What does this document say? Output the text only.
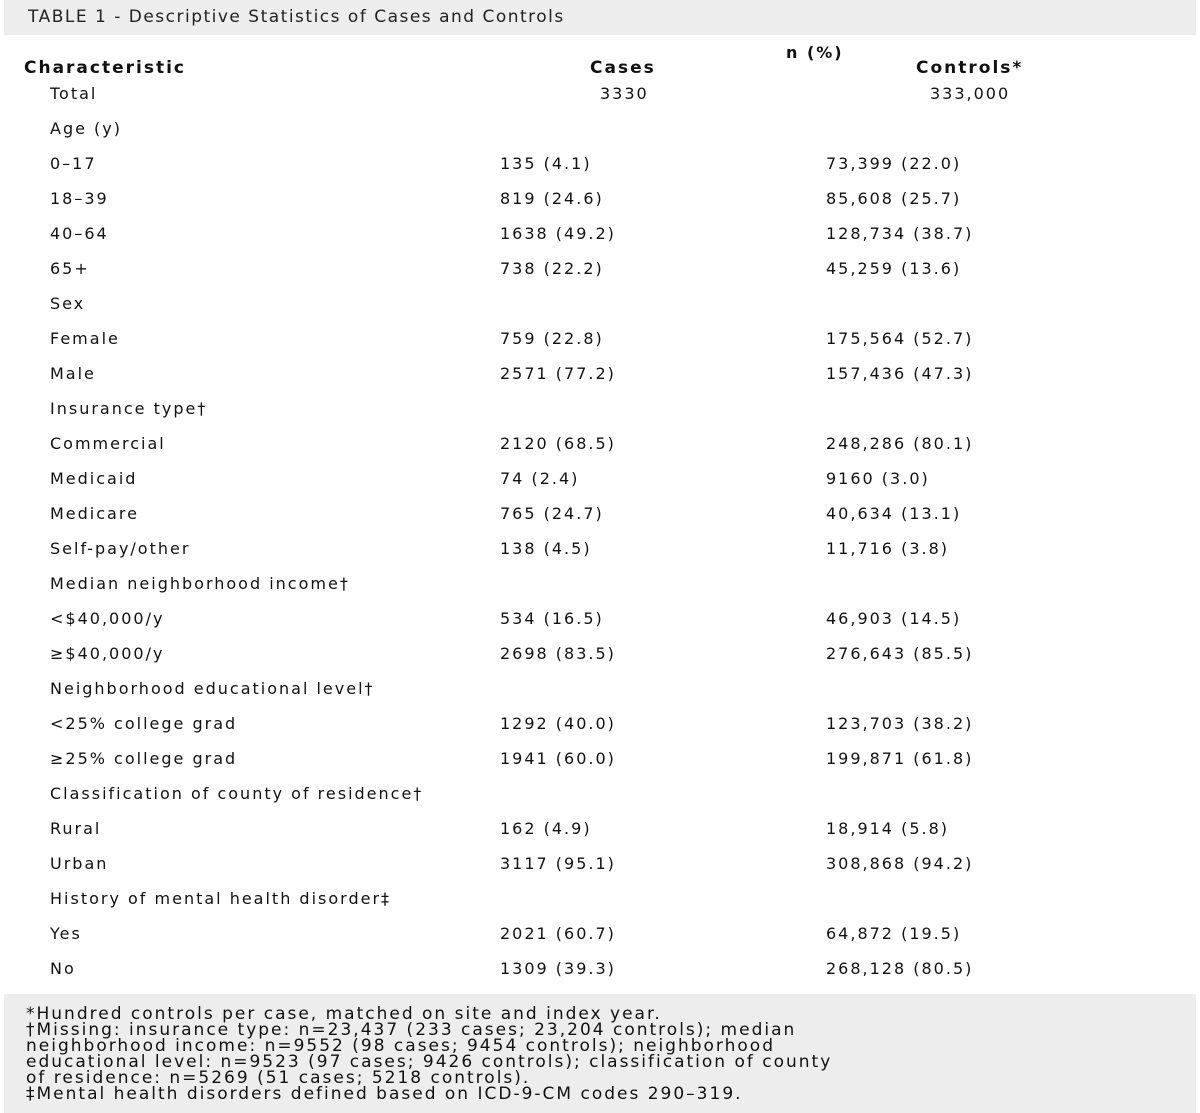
TABLE 1 - Descriptive Statistics of Cases and Controls
n (%)
Characteristic	Cases	Controls*
Total	3330	333,000
Age (y)
0–17	135 (4.1)	73,399 (22.0)
18–39	819 (24.6)	85,608 (25.7)
40–64	1638 (49.2)	128,734 (38.7)
65+	738 (22.2)	45,259 (13.6)
Sex
Female	759 (22.8)	175,564 (52.7)
Male	2571 (77.2)	157,436 (47.3)
Insurance type†
Commercial	2120 (68.5)	248,286 (80.1)
Medicaid	74 (2.4)	9160 (3.0)
Medicare	765 (24.7)	40,634 (13.1)
Self-pay/other	138 (4.5)	11,716 (3.8)
Median neighborhood income†
<$40,000/y	534 (16.5)	46,903 (14.5)
≥$40,000/y	2698 (83.5)	276,643 (85.5)
Neighborhood educational level†
<25% college grad	1292 (40.0)	123,703 (38.2)
≥25% college grad	1941 (60.0)	199,871 (61.8)
Classification of county of residence†
Rural	162 (4.9)	18,914 (5.8)
Urban	3117 (95.1)	308,868 (94.2)
History of mental health disorder‡
Yes	2021 (60.7)	64,872 (19.5)
No	1309 (39.3)	268,128 (80.5)
*Hundred controls per case, matched on site and index year.
†Missing: insurance type: n=23,437 (233 cases; 23,204 controls); median
neighborhood income: n=9552 (98 cases; 9454 controls); neighborhood
educational level: n=9523 (97 cases; 9426 controls); classification of county
of residence: n=5269 (51 cases; 5218 controls).
‡Mental health disorders defined based on ICD-9-CM codes 290–319.
